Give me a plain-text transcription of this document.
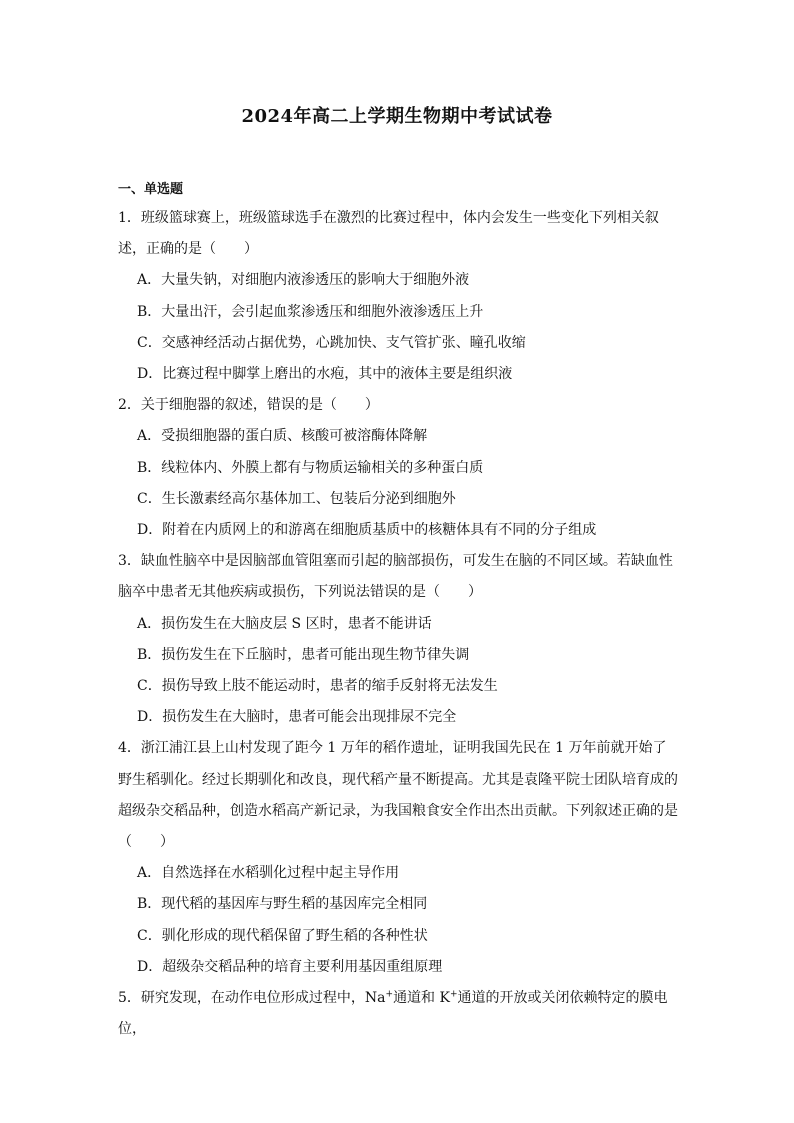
2024年高二上学期生物期中考试试卷
一、单选题

1．班级篮球赛上，班级篮球选手在激烈的比赛过程中，体内会发生一些变化下列相关叙述，正确的是（　　）

A．大量失钠，对细胞内液渗透压的影响大于细胞外液

B．大量出汗，会引起血浆渗透压和细胞外液渗透压上升

C．交感神经活动占据优势，心跳加快、支气管扩张、瞳孔收缩

D．比赛过程中脚掌上磨出的水疱，其中的液体主要是组织液

2．关于细胞器的叙述，错误的是（　　）

A．受损细胞器的蛋白质、核酸可被溶酶体降解

B．线粒体内、外膜上都有与物质运输相关的多种蛋白质

C．生长激素经高尔基体加工、包装后分泌到细胞外

D．附着在内质网上的和游离在细胞质基质中的核糖体具有不同的分子组成

3．缺血性脑卒中是因脑部血管阻塞而引起的脑部损伤，可发生在脑的不同区域。若缺血性脑卒中患者无其他疾病或损伤，下列说法错误的是（　　）

A．损伤发生在大脑皮层 S 区时，患者不能讲话

B．损伤发生在下丘脑时，患者可能出现生物节律失调

C．损伤导致上肢不能运动时，患者的缩手反射将无法发生

D．损伤发生在大脑时，患者可能会出现排尿不完全

4．浙江浦江县上山村发现了距今 1 万年的稻作遗址，证明我国先民在 1 万年前就开始了野生稻驯化。经过长期驯化和改良，现代稻产量不断提高。尤其是袁隆平院士团队培育成的超级杂交稻品种，创造水稻高产新记录，为我国粮食安全作出杰出贡献。下列叙述正确的是（　　）

A．自然选择在水稻驯化过程中起主导作用

B．现代稻的基因库与野生稻的基因库完全相同

C．驯化形成的现代稻保留了野生稻的各种性状

D．超级杂交稻品种的培育主要利用基因重组原理

5．研究发现，在动作电位形成过程中，Na+通道和 K+通道的开放或关闭依赖特定的膜电位，
